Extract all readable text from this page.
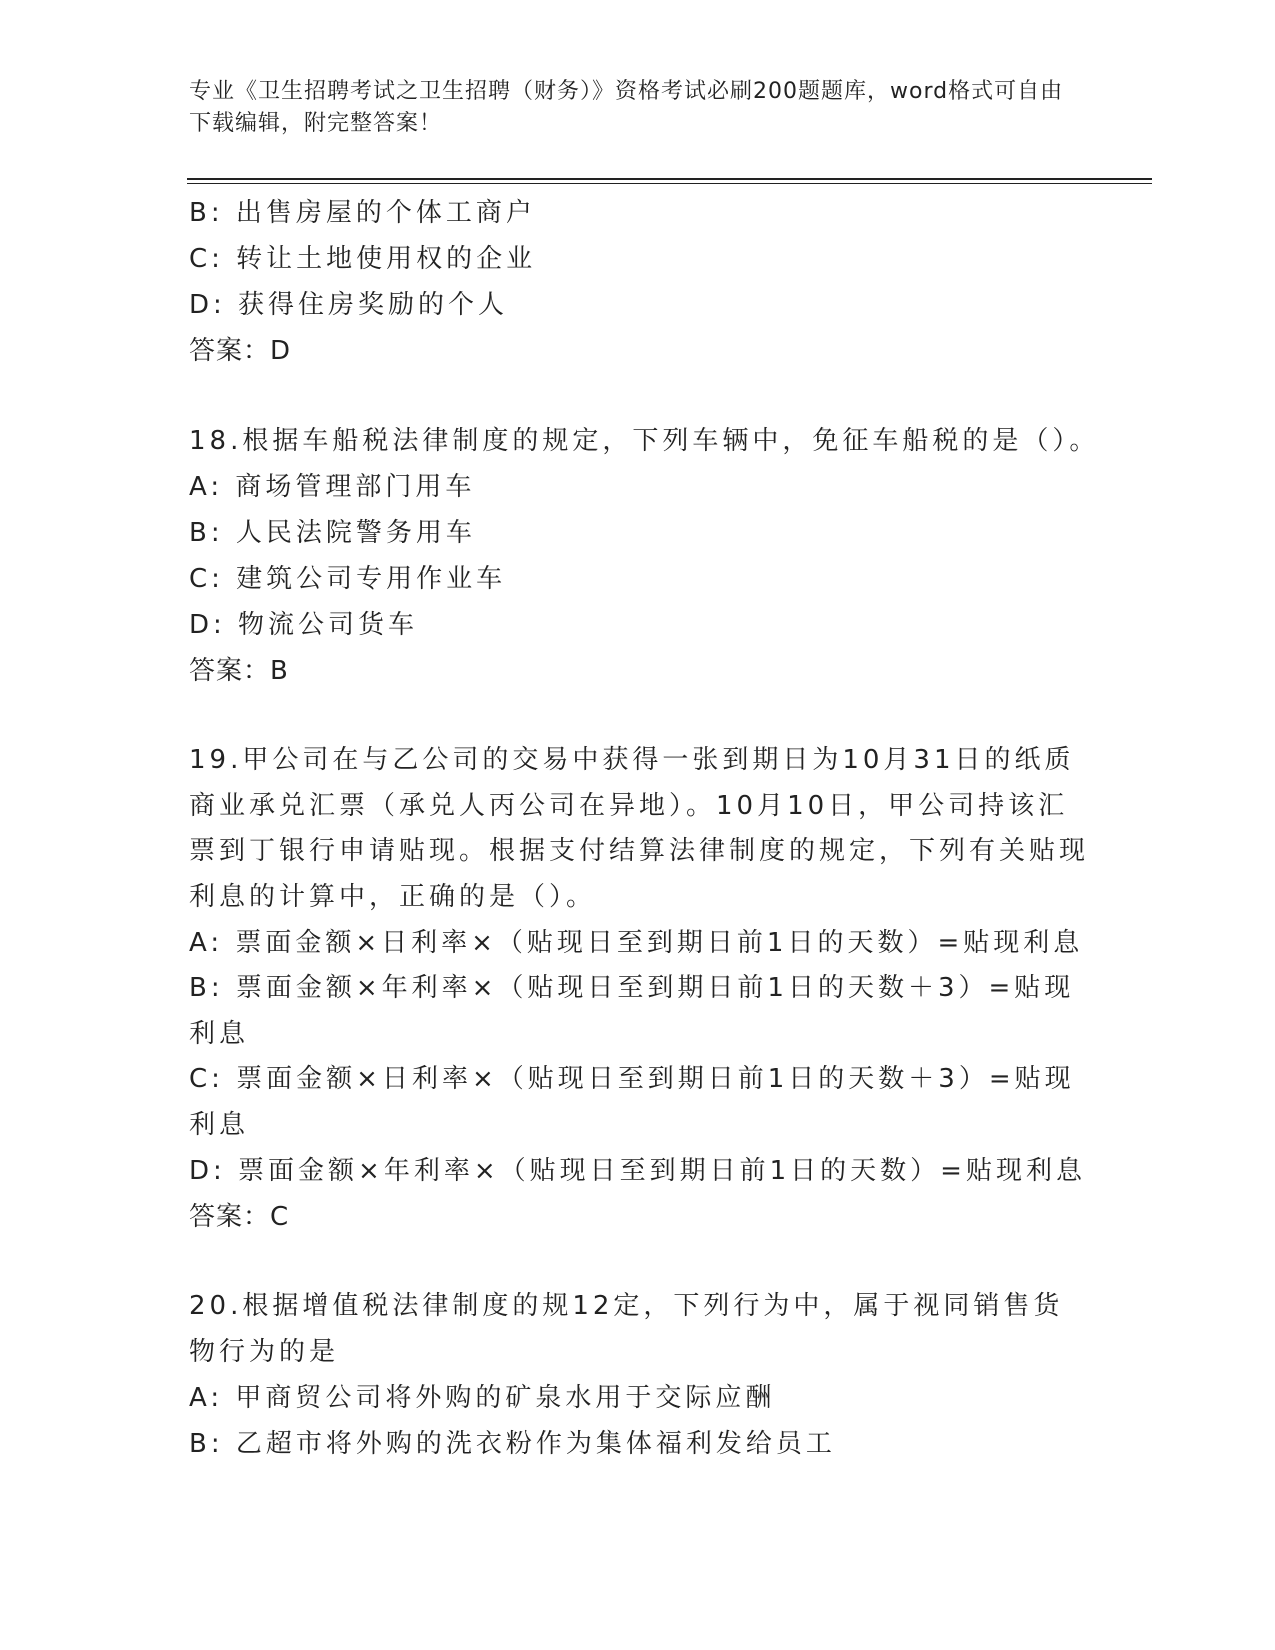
专业《卫生招聘考试之卫生招聘（财务）》资格考试必刷200题题库，word格式可自由下载编辑，附完整答案！
B: 出售房屋的个体工商户
C: 转让土地使用权的企业
D: 获得住房奖励的个人
答案：D
18.根据车船税法律制度的规定，下列车辆中，免征车船税的是（）。
A: 商场管理部门用车
B: 人民法院警务用车
C: 建筑公司专用作业车
D: 物流公司货车
答案：B
19.甲公司在与乙公司的交易中获得一张到期日为10月31日的纸质商业承兑汇票（承兑人丙公司在异地）。10月10日，甲公司持该汇票到丁银行申请贴现。根据支付结算法律制度的规定，下列有关贴现利息的计算中，正确的是（）。
A: 票面金额×日利率×（贴现日至到期日前1日的天数）=贴现利息
B: 票面金额×年利率×（贴现日至到期日前1日的天数＋3）=贴现利息
C: 票面金额×日利率×（贴现日至到期日前1日的天数＋3）=贴现利息
D: 票面金额×年利率×（贴现日至到期日前1日的天数）=贴现利息
答案：C
20.根据增值税法律制度的规12定，下列行为中，属于视同销售货物行为的是
A: 甲商贸公司将外购的矿泉水用于交际应酬
B: 乙超市将外购的洗衣粉作为集体福利发给员工
